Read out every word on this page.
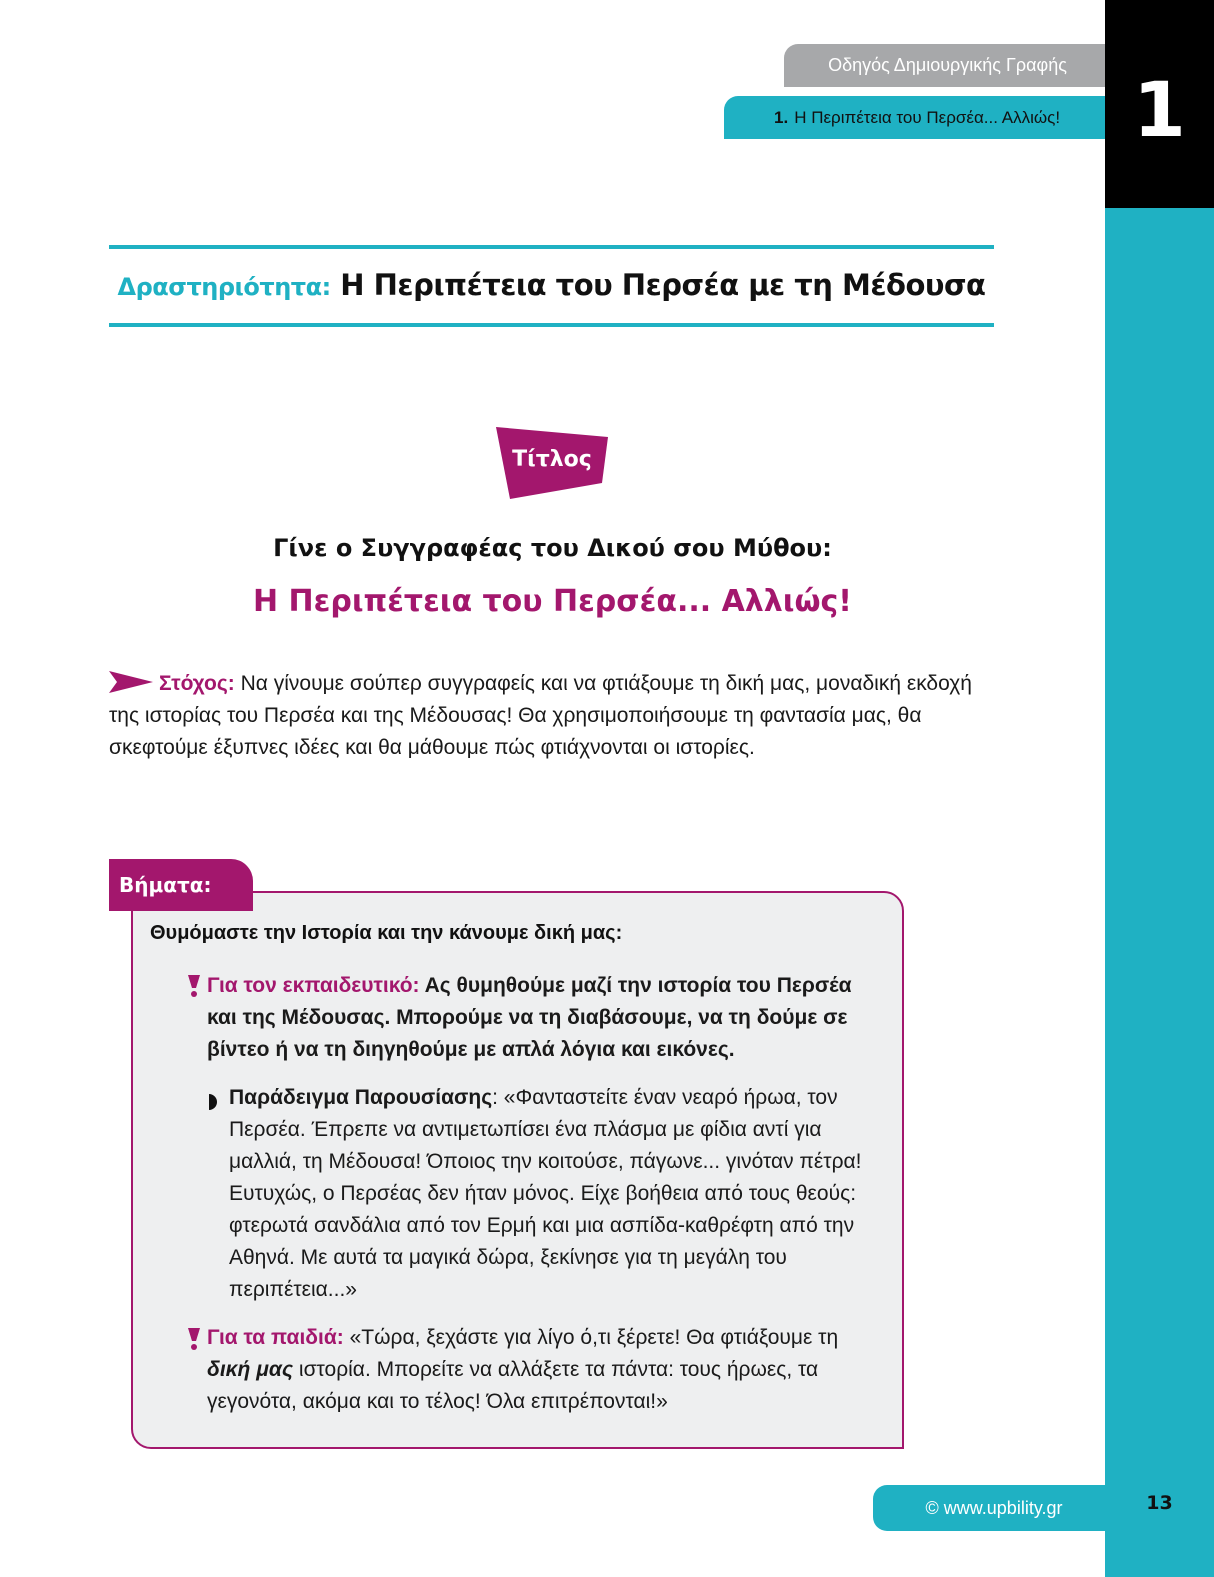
1
Οδηγός Δημιουργικής Γραφής
1. Η Περιπέτεια του Περσέα... Αλλιώς!
Δραστηριότητα: Η Περιπέτεια του Περσέα με τη Μέδουσα
Τίτλος
Γίνε ο Συγγραφέας του Δικού σου Μύθου:
Η Περιπέτεια του Περσέα... Αλλιώς!
Στόχος: Να γίνουμε σούπερ συγγραφείς και να φτιάξουμε τη δική μας, μοναδική εκδοχή της ιστορίας του Περσέα και της Μέδουσας! Θα χρησιμοποιήσουμε τη φαντασία μας, θα σκεφτούμε έξυπνες ιδέες και θα μάθουμε πώς φτιάχνονται οι ιστορίες.
Βήματα:
Θυμόμαστε την Ιστορία και την κάνουμε δική μας:
Για τον εκπαιδευτικό: Ας θυμηθούμε μαζί την ιστορία του Περσέα και της Μέδουσας. Μπορούμε να τη διαβάσουμε, να τη δούμε σε βίντεο ή να τη διηγηθούμε με απλά λόγια και εικόνες.
Παράδειγμα Παρουσίασης: «Φανταστείτε έναν νεαρό ήρωα, τον Περσέα. Έπρεπε να αντιμετωπίσει ένα πλάσμα με φίδια αντί για μαλλιά, τη Μέδουσα! Όποιος την κοιτούσε, πάγωνε... γινόταν πέτρα! Ευτυχώς, ο Περσέας δεν ήταν μόνος. Είχε βοήθεια από τους θεούς: φτερωτά σανδάλια από τον Ερμή και μια ασπίδα-καθρέφτη από την Αθηνά. Με αυτά τα μαγικά δώρα, ξεκίνησε για τη μεγάλη του περιπέτεια...»
Για τα παιδιά: «Τώρα, ξεχάστε για λίγο ό,τι ξέρετε! Θα φτιάξουμε τη δική μας ιστορία. Μπορείτε να αλλάξετε τα πάντα: τους ήρωες, τα γεγονότα, ακόμα και το τέλος! Όλα επιτρέπονται!»
© www.upbility.gr	13
